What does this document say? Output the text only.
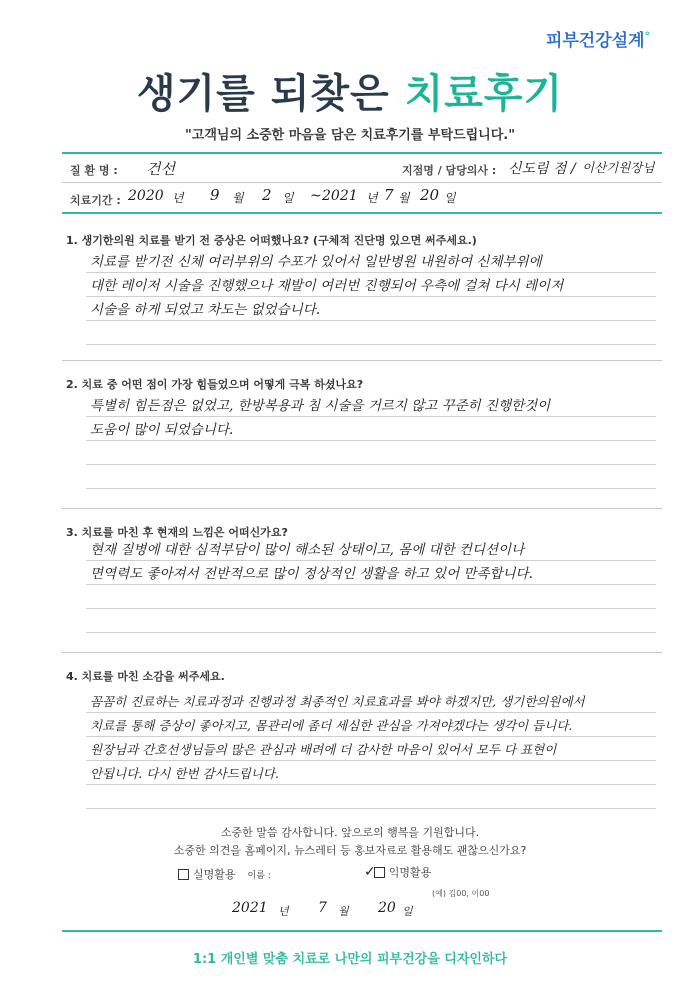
피부건강설계°
생기를 되찾은 치료후기
"고객님의 소중한 마음을 담은 치료후기를 부탁드립니다."
질 환 명 : 건선	지점명 / 담당의사 : 신도림 점 / 이산기원장님
치료기간 : 2020 년 9 월 2 일 ~ 2021 년 7 월 20 일
1. 생기한의원 치료를 받기 전 증상은 어떠했나요? (구체적 진단명 있으면 써주세요.)
치료를 받기전 신체 여러부위의 수포가 있어서 일반병원 내원하여 신체부위에
대한 레이저 시술을 진행했으나 재발이 여러번 진행되어 우측에 걸쳐 다시 레이저
시술을 하게 되었고 차도는 없었습니다.
2. 치료 중 어떤 점이 가장 힘들었으며 어떻게 극복 하셨나요?
특별히 힘든점은 없었고, 한방복용과 침 시술을 거르지 않고 꾸준히 진행한것이
도움이 많이 되었습니다.
3. 치료를 마친 후 현재의 느낌은 어떠신가요?
현재 질병에 대한 심적부담이 많이 해소된 상태이고, 몸에 대한 컨디션이나
면역력도 좋아져서 전반적으로 많이 정상적인 생활을 하고 있어 만족합니다.
4. 치료를 마친 소감을 써주세요.
꼼꼼히 진료하는 치료과정과 진행과정 최종적인 치료효과를 봐야 하겠지만, 생기한의원에서
치료를 통해 증상이 좋아지고, 몸관리에 좀더 세심한 관심을 가져야겠다는 생각이 듭니다.
원장님과 간호선생님들의 많은 관심과 배려에 더 감사한 마음이 있어서 모두 다 표현이
안됩니다. 다시 한번 감사드립니다.
소중한 말씀 감사합니다. 앞으로의 행복을 기원합니다.
소중한 의견을 홈페이지, 뉴스레터 등 홍보자료로 활용해도 괜찮으신가요?
실명활용 이름 :	✓ 익명활용
(예) 김00, 이00
2021 년 7 월 20 일
1:1 개인별 맞춤 치료로 나만의 피부건강을 디자인하다
